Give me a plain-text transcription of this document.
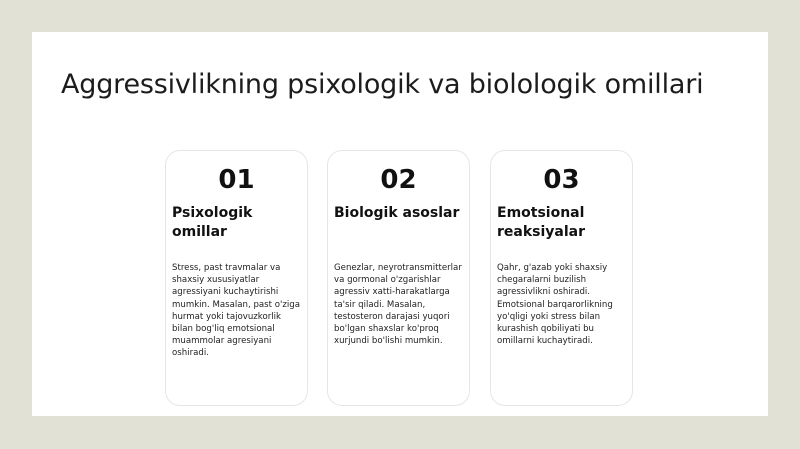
Aggressivlikning psixologik va biolologik omillari
01
Psixologik omillar
Stress, past travmalar va shaxsiy xususiyatlar agressiyani kuchaytirishi mumkin. Masalan, past o'ziga hurmat yoki tajovuzkorlik bilan bog'liq emotsional muammolar agresiyani oshiradi.
02
Biologik asoslar
Genezlar, neyrotransmitterlar va gormonal o'zgarishlar agressiv xatti-harakatlarga ta'sir qiladi. Masalan, testosteron darajasi yuqori bo'lgan shaxslar ko'proq xurjundi bo'lishi mumkin.
03
Emotsional reaksiyalar
Qahr, g'azab yoki shaxsiy chegaralarni buzilish agressivlikni oshiradi. Emotsional barqarorlikning yo'qligi yoki stress bilan kurashish qobiliyati bu omillarni kuchaytiradi.
